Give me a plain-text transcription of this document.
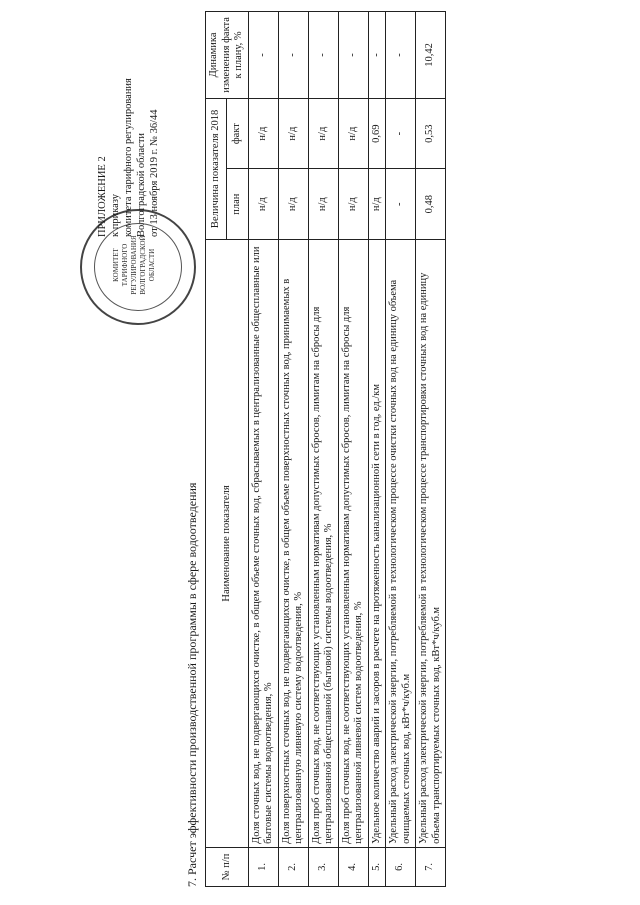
КОМИТЕТ ТАРИФНОГО РЕГУЛИРОВАНИЯ ВОЛГОГРАДСКОЙ ОБЛАСТИ
ПРИЛОЖЕНИЕ 2 к приказу комитета тарифного регулирования Волгоградской области от 13 ноября 2019 г. № 36/44
7. Расчет эффективности производственной программы в сфере водоотведения № п/п	Наименование показателя	Величина показателя 2018		Динамика изменения факта к плану, %
		план	факт	
1.	Доля сточных вод, не подвергающихся очистке, в общем объеме сточных вод, сбрасываемых в централизованные общесплавные или бытовые системы водоотведения, %	н/д	н/д	-
2.	Доля поверхностных сточных вод, не подвергающихся очистке, в общем объеме поверхностных сточных вод, принимаемых в централизованную ливневую систему водоотведения, %	н/д	н/д	-
3.	Доля проб сточных вод, не соответствующих установленным нормативам допустимых сбросов, лимитам на сбросы для централизованной общесплавной (бытовой) системы водоотведения, %	н/д	н/д	-
4.	Доля проб сточных вод, не соответствующих установленным нормативам допустимых сбросов, лимитам на сбросы для централизованной ливневой систем водоотведения, %	н/д	н/д	-
5.	Удельное количество аварий и засоров в расчете на протяженность канализационной сети в год, ед./км	н/д	0,69	-
6.	Удельный расход электрической энергии, потребляемой в технологическом процессе очистки сточных вод на единицу объема очищаемых сточных вод, кВт*ч/куб.м	-	-	-
7.	Удельный расход электрической энергии, потребляемой в технологическом процессе транспортировки сточных вод на единицу объема транспортируемых сточных вод, кВт*ч/куб.м	0,48	0,53	10,42
